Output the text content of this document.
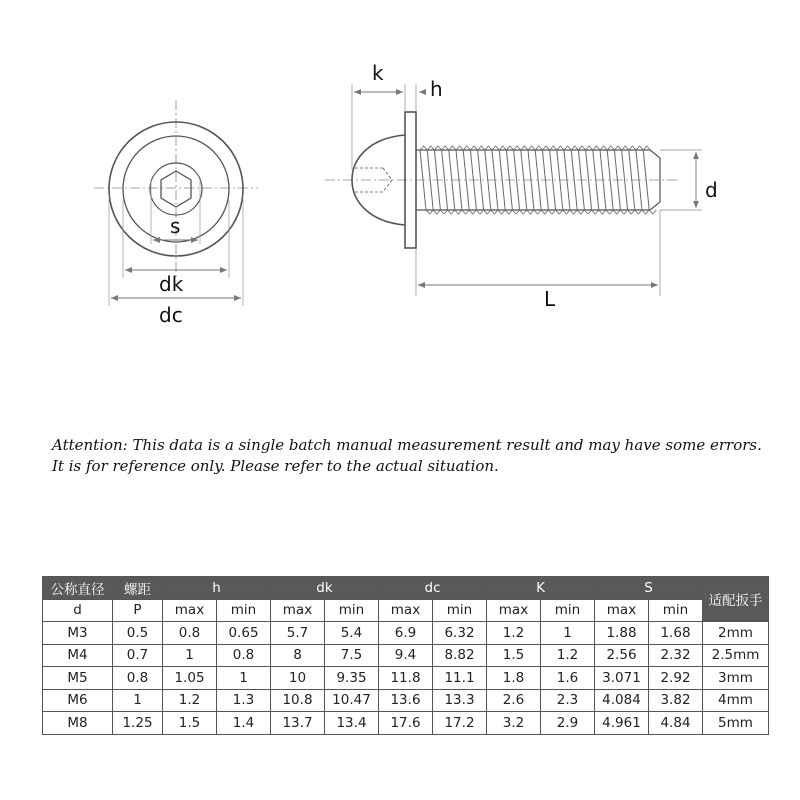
s
dk
dc
k
h
d
L
Attention: This data is a single batch manual measurement result and may have some errors.
It is for reference only. Please refer to the actual situation.
公称直径	螺距	h		dk		dc		K		S		适配扳手
d	P	max	min	max	min	max	min	max	min	max	min	
M3	0.5	0.8	0.65	5.7	5.4	6.9	6.32	1.2	1	1.88	1.68	2mm
M4	0.7	1	0.8	8	7.5	9.4	8.82	1.5	1.2	2.56	2.32	2.5mm
M5	0.8	1.05	1	10	9.35	11.8	11.1	1.8	1.6	3.071	2.92	3mm
M6	1	1.2	1.3	10.8	10.47	13.6	13.3	2.6	2.3	4.084	3.82	4mm
M8	1.25	1.5	1.4	13.7	13.4	17.6	17.2	3.2	2.9	4.961	4.84	5mm
